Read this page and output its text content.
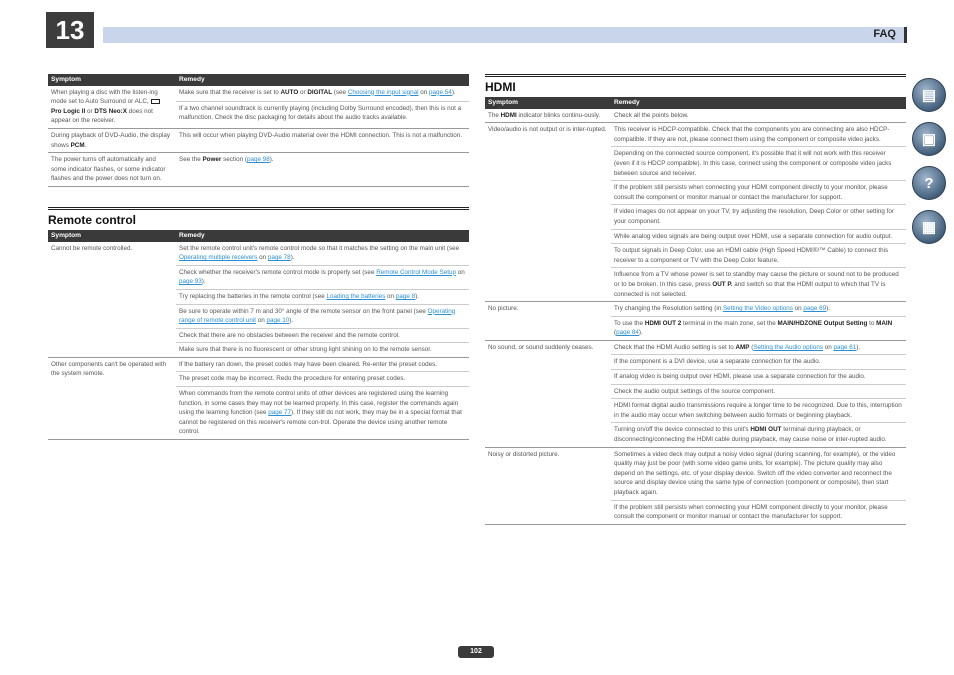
13	FAQ
Symptom	Remedy
When playing a disc with the listen-ing mode set to Auto Surround or ALC,  Pro Logic II or DTS Neo:X does not appear on the receiver.	Make sure that the receiver is set to AUTO or DIGITAL (see Choosing the input signal on page 54).
	If a two channel soundtrack is currently playing (including Dolby Surround encoded), then this is not a malfunction. Check the disc packaging for details about the audio tracks available.
During playback of DVD-Audio, the display shows PCM.	This will occur when playing DVD-Audio material over the HDMI connection. This is not a malfunction.
The power turns off automatically and some indicator flashes, or some indicator flashes and the power does not turn on.	See the Power section (page 98).
Remote control
Symptom	Remedy
Cannot be remote controlled.	Set the remote control unit's remote control mode so that it matches the setting on the main unit (see Operating multiple receivers on page 78).
	Check whether the receiver's remote control mode is properly set (see Remote Control Mode Setup on page 93).
	Try replacing the batteries in the remote control (see Loading the batteries on page 8).
	Be sure to operate within 7 m and 30° angle of the remote sensor on the front panel (see Operating range of remote control unit on page 10).
	Check that there are no obstacles between the receiver and the remote control.
	Make sure that there is no fluorescent or other strong light shining on to the remote sensor.
Other components can't be operated with the system remote.	If the battery ran down, the preset codes may have been cleared. Re-enter the preset codes.
	The preset code may be incorrect. Redo the procedure for entering preset codes.
	When commands from the remote control units of other devices are registered using the learning function, in some cases they may not be learned properly. In this case, register the commands again using the learning function (see page 77). If they still do not work, they may be in a special format that cannot be registered on this receiver's remote con-trol. Operate the device using another remote control.
HDMI
Symptom	Remedy
The HDMI indicator blinks continu-ously.	Check all the points below.
Video/audio is not output or is inter-rupted.	This receiver is HDCP-compatible. Check that the components you are connecting are also HDCP-compatible. If they are not, please connect them using the component or composite video jacks.
	Depending on the connected source component, it's possible that it will not work with this receiver (even if it is HDCP compatible). In this case, connect using the component or composite video jacks between source and receiver.
	If the problem still persists when connecting your HDMI component directly to your monitor, please consult the component or monitor manual or contact the manufacturer for support.
	If video images do not appear on your TV, try adjusting the resolution, Deep Color or other setting for your component.
	While analog video signals are being output over HDMI, use a separate connection for audio output.
	To output signals in Deep Color, use an HDMI cable (High Speed HDMI®/™ Cable) to connect this receiver to a component or TV with the Deep Color feature.
	Influence from a TV whose power is set to standby may cause the picture or sound not to be produced or to be broken. In this case, press OUT P. and switch so that the HDMI output to which that TV is connected is not selected.
No picture.	Try changing the Resolution setting (in Setting the Video options on page 69).
	To use the HDMI OUT 2 terminal in the main zone, set the MAIN/HDZONE Output Setting to MAIN (page 84).
No sound, or sound suddenly ceases.	Check that the HDMI Audio setting is set to AMP (Setting the Audio options on page 61).
	If the component is a DVI device, use a separate connection for the audio.
	If analog video is being output over HDMI, please use a separate connection for the audio.
	Check the audio output settings of the source component.
	HDMI format digital audio transmissions require a longer time to be recognized. Due to this, interruption in the audio may occur when switching between audio formats or beginning playback.
	Turning on/off the device connected to this unit's HDMI OUT terminal during playback, or disconnecting/connecting the HDMI cable during playback, may cause noise or inter-rupted audio.
Noisy or distorted picture.	Sometimes a video deck may output a noisy video signal (during scanning, for example), or the video quality may just be poor (with some video game units, for example). The picture quality may also depend on the settings, etc. of your display device. Switch off the video converter and reconnect the source and display device using the same type of connection (component or composite), then start playback again.
	If the problem still persists when connecting your HDMI component directly to your monitor, please consult the component or monitor manual or contact the manufacturer for support.
▤
▣
?
▦
102
